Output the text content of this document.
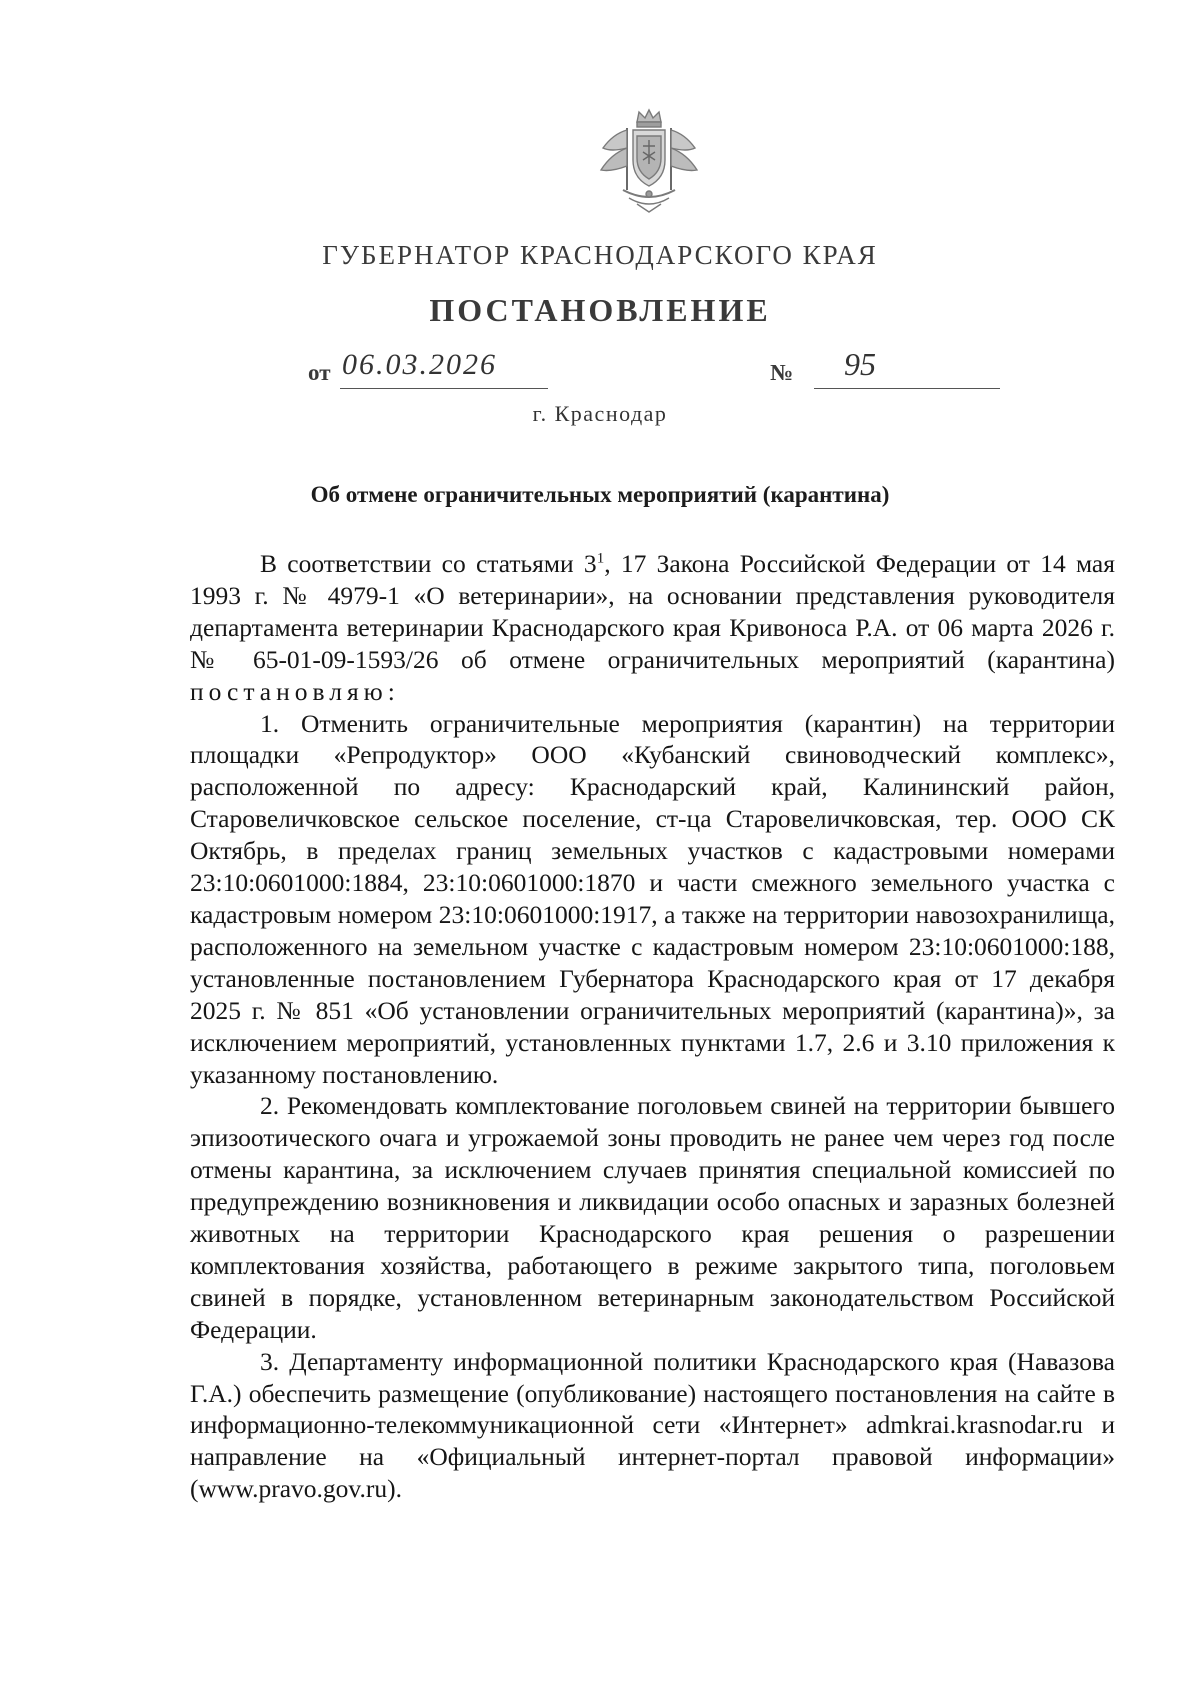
ГУБЕРНАТОР КРАСНОДАРСКОГО КРАЯ
ПОСТАНОВЛЕНИЕ
от 06.03.2026	№ 95
г. Краснодар
Об отмене ограничительных мероприятий (карантина)

В соответствии со статьями $3^1$, 17 Закона Российской Федерации от 14 мая 1993 г. № 4979-1 «О ветеринарии», на основании представления руководителя департамента ветеринарии Краснодарского края Кривоноса Р.А. от 06 марта 2026 г. № 65-01-09-1593/26 об отмене ограничительных мероприятий (карантина) постановляю:

1. Отменить ограничительные мероприятия (карантин) на территории площадки «Репродуктор» ООО «Кубанский свиноводческий комплекс», расположенной по адресу: Краснодарский край, Калининский район, Старовеличковское сельское поселение, ст-ца Старовеличковская, тер. ООО СК Октябрь, в пределах границ земельных участков с кадастровыми номерами 23:10:0601000:1884, 23:10:0601000:1870 и части смежного земельного участка с кадастровым номером 23:10:0601000:1917, а также на территории навозохранилища, расположенного на земельном участке с кадастровым номером 23:10:0601000:188, установленные постановлением Губернатора Краснодарского края от 17 декабря 2025 г. № 851 «Об установлении ограничительных мероприятий (карантина)», за исключением мероприятий, установленных пунктами 1.7, 2.6 и 3.10 приложения к указанному постановлению.

2. Рекомендовать комплектование поголовьем свиней на территории бывшего эпизоотического очага и угрожаемой зоны проводить не ранее чем через год после отмены карантина, за исключением случаев принятия специальной комиссией по предупреждению возникновения и ликвидации особо опасных и заразных болезней животных на территории Краснодарского края решения о разрешении комплектования хозяйства, работающего в режиме закрытого типа, поголовьем свиней в порядке, установленном ветеринарным законодательством Российской Федерации.

3. Департаменту информационной политики Краснодарского края (Навазова Г.А.) обеспечить размещение (опубликование) настоящего постановления на сайте в информационно-телекоммуникационной сети «Интернет» admkrai.krasnodar.ru и направление на «Официальный интернет-портал правовой информации» (www.pravo.gov.ru).
